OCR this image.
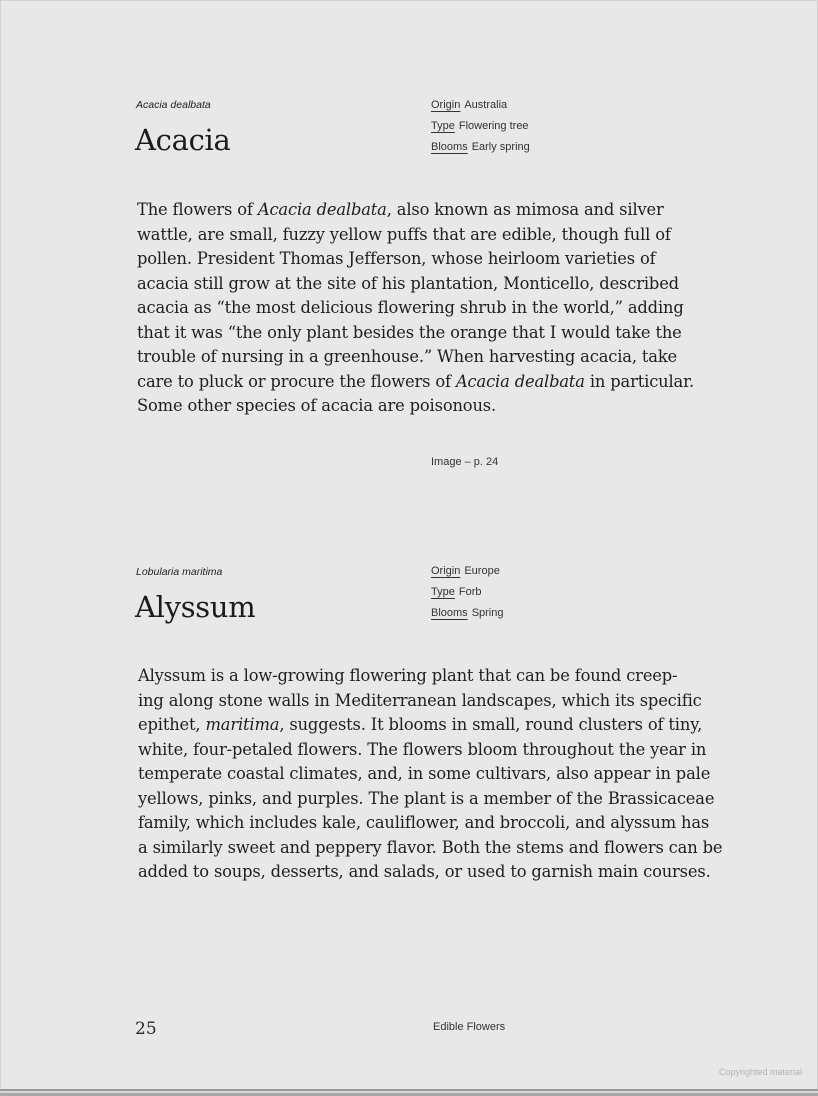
Acacia dealbata
Acacia
Origin Australia
Type Flowering tree
Blooms Early spring
The flowers of Acacia dealbata, also known as mimosa and silver
wattle, are small, fuzzy yellow puffs that are edible, though full of
pollen. President Thomas Jefferson, whose heirloom varieties of
acacia still grow at the site of his plantation, Monticello, described
acacia as “the most delicious flowering shrub in the world,” adding
that it was “the only plant besides the orange that I would take the
trouble of nursing in a greenhouse.” When harvesting acacia, take
care to pluck or procure the flowers of Acacia dealbata in particular.
Some other species of acacia are poisonous.
Image – p. 24
Lobularia maritima
Alyssum
Origin Europe
Type Forb
Blooms Spring
Alyssum is a low-growing flowering plant that can be found creep-
ing along stone walls in Mediterranean landscapes, which its specific
epithet, maritima, suggests. It blooms in small, round clusters of tiny,
white, four-petaled flowers. The flowers bloom throughout the year in
temperate coastal climates, and, in some cultivars, also appear in pale
yellows, pinks, and purples. The plant is a member of the Brassicaceae
family, which includes kale, cauliflower, and broccoli, and alyssum has
a similarly sweet and peppery flavor. Both the stems and flowers can be
added to soups, desserts, and salads, or used to garnish main courses.
25	Edible Flowers
Copyrighted material
